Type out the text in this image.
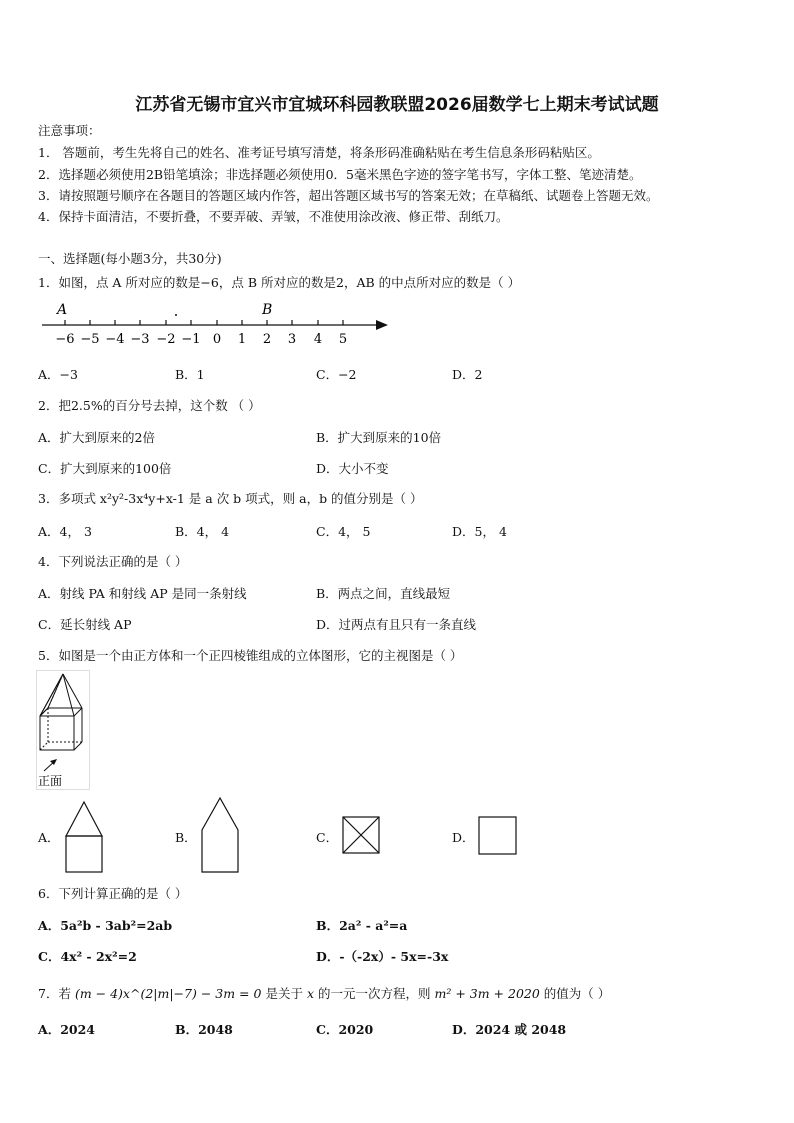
江苏省无锡市宜兴市宜城环科园教联盟2026届数学七上期末考试试题
注意事项：
1． 答题前，考生先将自己的姓名、准考证号填写清楚，将条形码准确粘贴在考生信息条形码粘贴区。
2．选择题必须使用2B铅笔填涂；非选择题必须使用0．5毫米黑色字迹的签字笔书写，字体工整、笔迹清楚。
3．请按照题号顺序在各题目的答题区域内作答，超出答题区域书写的答案无效；在草稿纸、试题卷上答题无效。
4．保持卡面清洁，不要折叠，不要弄破、弄皱，不准使用涂改液、修正带、刮纸刀。
一、选择题(每小题3分，共30分)
1．如图，点 A 所对应的数是−6，点 B 所对应的数是2，AB 的中点所对应的数是（ ）
A	B
−6 −5 −4 −3 −2 −1 0 1 2 3 4 5
A．−3	B．1	C．−2	D．2
2．把2.5%的百分号去掉，这个数 （ ）
A．扩大到原来的2倍	B．扩大到原来的10倍
C．扩大到原来的100倍	D．大小不变
3．多项式 x²y²-3x⁴y+x-1 是 a 次 b 项式，则 a，b 的值分别是（ ）
A．4， 3	B．4， 4	C．4， 5	D．5， 4
4．下列说法正确的是（ ）
A．射线 PA 和射线 AP 是同一条射线	B．两点之间，直线最短
C．延长射线 AP	D．过两点有且只有一条直线
5．如图是一个由正方体和一个正四棱锥组成的立体图形，它的主视图是（ ）
正面
A．	B．	C．	D．
6．下列计算正确的是（ ）
A．5a²b - 3ab²=2ab	B．2a² - a²=a
C．4x² - 2x²=2	D．-（-2x）- 5x=-3x
7．若 (m − 4)x^(2|m|−7) − 3m = 0 是关于 x 的一元一次方程，则 m² + 3m + 2020 的值为（ ）
A．2024	B．2048	C．2020	D．2024 或 2048
